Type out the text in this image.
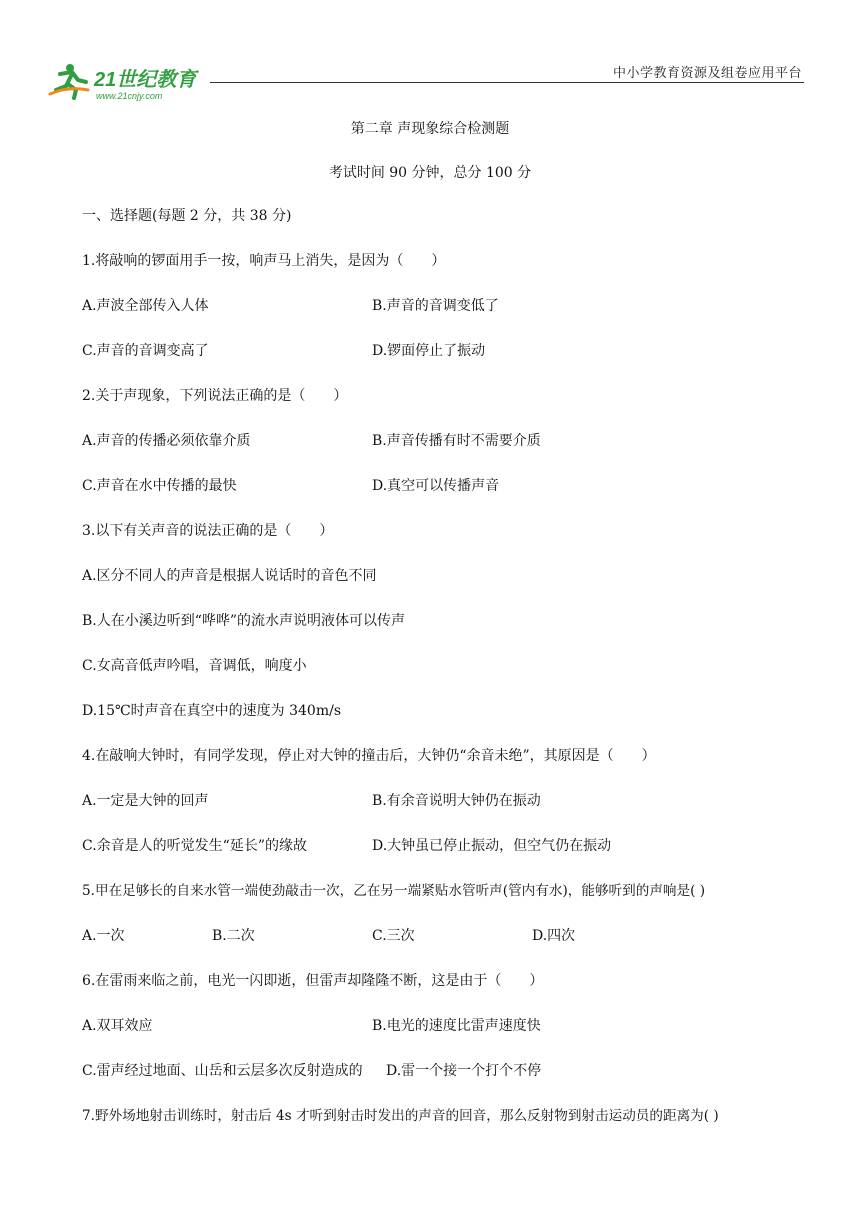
21世纪教育
www.21cnjy.com
中小学教育资源及组卷应用平台
第二章 声现象综合检测题
考试时间 90 分钟，总分 100 分
一、选择题(每题 2 分，共 38 分)
1.将敲响的锣面用手一按，响声马上消失，是因为（　　）
A.声波全部传入人体	B.声音的音调变低了
C.声音的音调变高了	D.锣面停止了振动
2.关于声现象，下列说法正确的是（　　）
A.声音的传播必须依靠介质	B.声音传播有时不需要介质
C.声音在水中传播的最快	D.真空可以传播声音
3.以下有关声音的说法正确的是（　　）
A.区分不同人的声音是根据人说话时的音色不同
B.人在小溪边听到“哗哗”的流水声说明液体可以传声
C.女高音低声吟唱，音调低，响度小
D.15℃时声音在真空中的速度为 340m/s
4.在敲响大钟时，有同学发现，停止对大钟的撞击后，大钟仍“余音未绝”，其原因是（　　）
A.一定是大钟的回声	B.有余音说明大钟仍在振动
C.余音是人的听觉发生“延长”的缘故	D.大钟虽已停止振动，但空气仍在振动
5.甲在足够长的自来水管一端使劲敲击一次，乙在另一端紧贴水管听声(管内有水)，能够听到的声响是( )
A.一次	B.二次	C.三次	D.四次
6.在雷雨来临之前，电光一闪即逝，但雷声却隆隆不断，这是由于（　　）
A.双耳效应	B.电光的速度比雷声速度快
C.雷声经过地面、山岳和云层多次反射造成的 D.雷一个接一个打个不停
7.野外场地射击训练时，射击后 4s 才听到射击时发出的声音的回音，那么反射物到射击运动员的距离为( )
